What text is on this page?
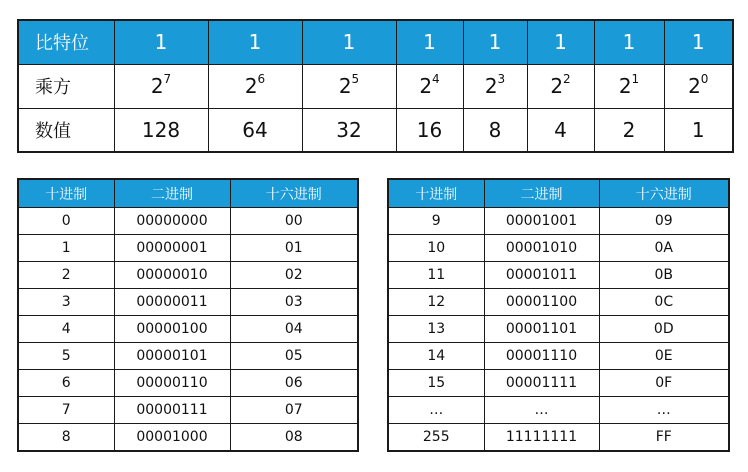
比特位	1	1	1	1	1	1	1	1
乘方	$2^7$	$2^6$	$2^5$	$2^4$	$2^3$	$2^2$	$2^1$	$2^0$
数值	128	64	32	16	8	4	2	1
十进制	二进制	十六进制
0	00000000	00
1	00000001	01
2	00000010	02
3	00000011	03
4	00000100	04
5	00000101	05
6	00000110	06
7	00000111	07
8	00001000	08
十进制	二进制	十六进制
9	00001001	09
10	00001010	0A
11	00001011	0B
12	00001100	0C
13	00001101	0D
14	00001110	0E
15	00001111	0F
…	…	…
255	11111111	FF
